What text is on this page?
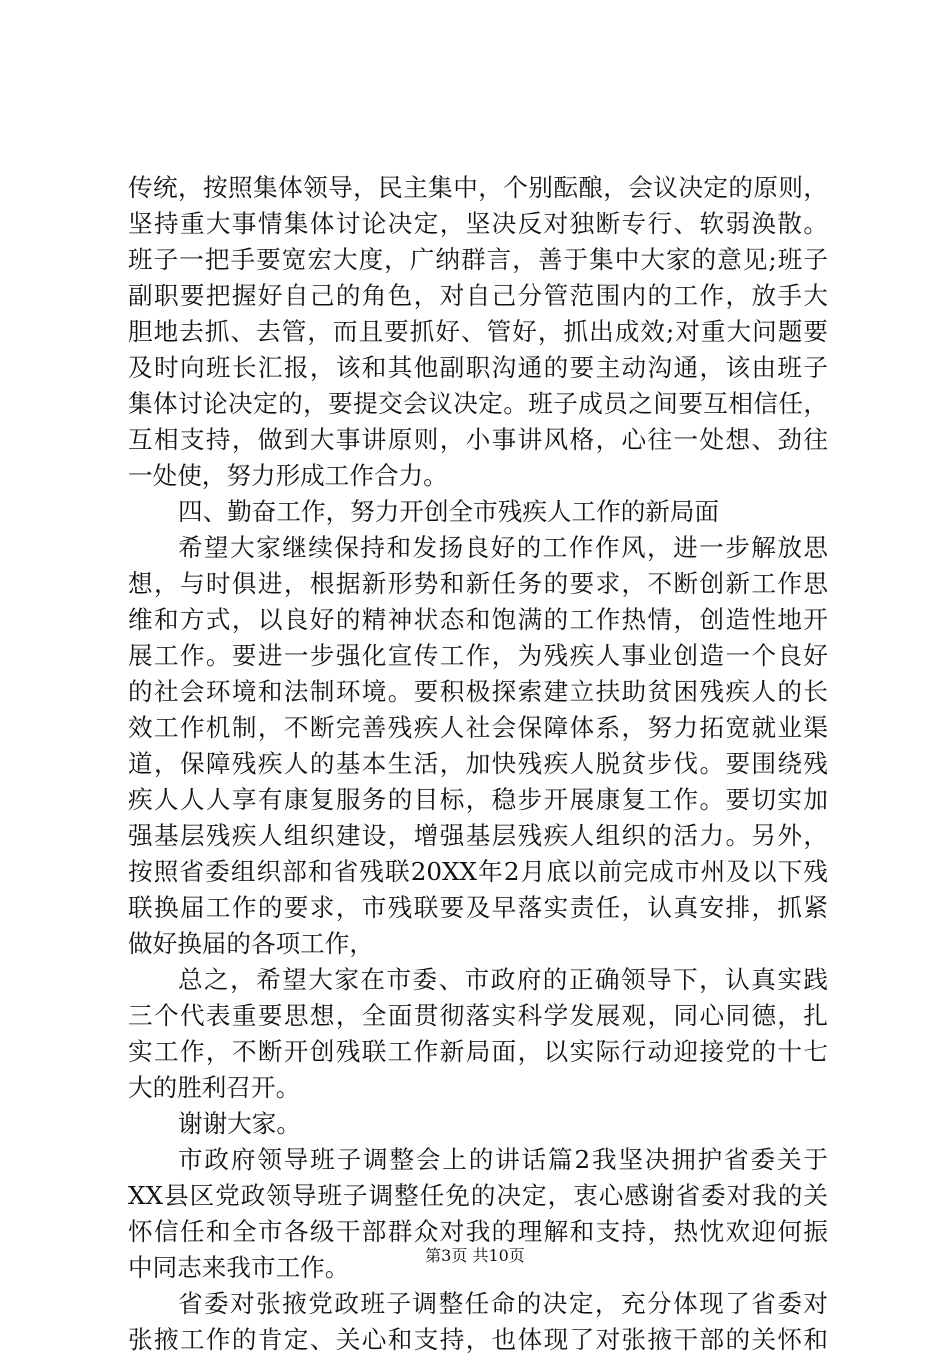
传统，按照集体领导，民主集中，个别酝酿，会议决定的原则，
坚持重大事情集体讨论决定，坚决反对独断专行、软弱涣散。
班子一把手要宽宏大度，广纳群言，善于集中大家的意见;班子
副职要把握好自己的角色，对自己分管范围内的工作，放手大
胆地去抓、去管，而且要抓好、管好，抓出成效;对重大问题要
及时向班长汇报，该和其他副职沟通的要主动沟通，该由班子
集体讨论决定的，要提交会议决定。班子成员之间要互相信任，
互相支持，做到大事讲原则，小事讲风格，心往一处想、劲往
一处使，努力形成工作合力。
四、勤奋工作，努力开创全市残疾人工作的新局面
希望大家继续保持和发扬良好的工作作风，进一步解放思
想，与时俱进，根据新形势和新任务的要求，不断创新工作思
维和方式，以良好的精神状态和饱满的工作热情，创造性地开
展工作。要进一步强化宣传工作，为残疾人事业创造一个良好
的社会环境和法制环境。要积极探索建立扶助贫困残疾人的长
效工作机制，不断完善残疾人社会保障体系，努力拓宽就业渠
道，保障残疾人的基本生活，加快残疾人脱贫步伐。要围绕残
疾人人人享有康复服务的目标，稳步开展康复工作。要切实加
强基层残疾人组织建设，增强基层残疾人组织的活力。另外，
按照省委组织部和省残联20XX年2月底以前完成市州及以下残
联换届工作的要求，市残联要及早落实责任，认真安排，抓紧
做好换届的各项工作，
总之，希望大家在市委、市政府的正确领导下，认真实践
三个代表重要思想，全面贯彻落实科学发展观，同心同德，扎
实工作，不断开创残联工作新局面，以实际行动迎接党的十七
大的胜利召开。
谢谢大家。
市政府领导班子调整会上的讲话篇2我坚决拥护省委关于
XX县区党政领导班子调整任免的决定，衷心感谢省委对我的关
怀信任和全市各级干部群众对我的理解和支持，热忱欢迎何振
中同志来我市工作。
省委对张掖党政班子调整任命的决定，充分体现了省委对
张掖工作的肯定、关心和支持，也体现了对张掖干部的关怀和
第3页 共10页
